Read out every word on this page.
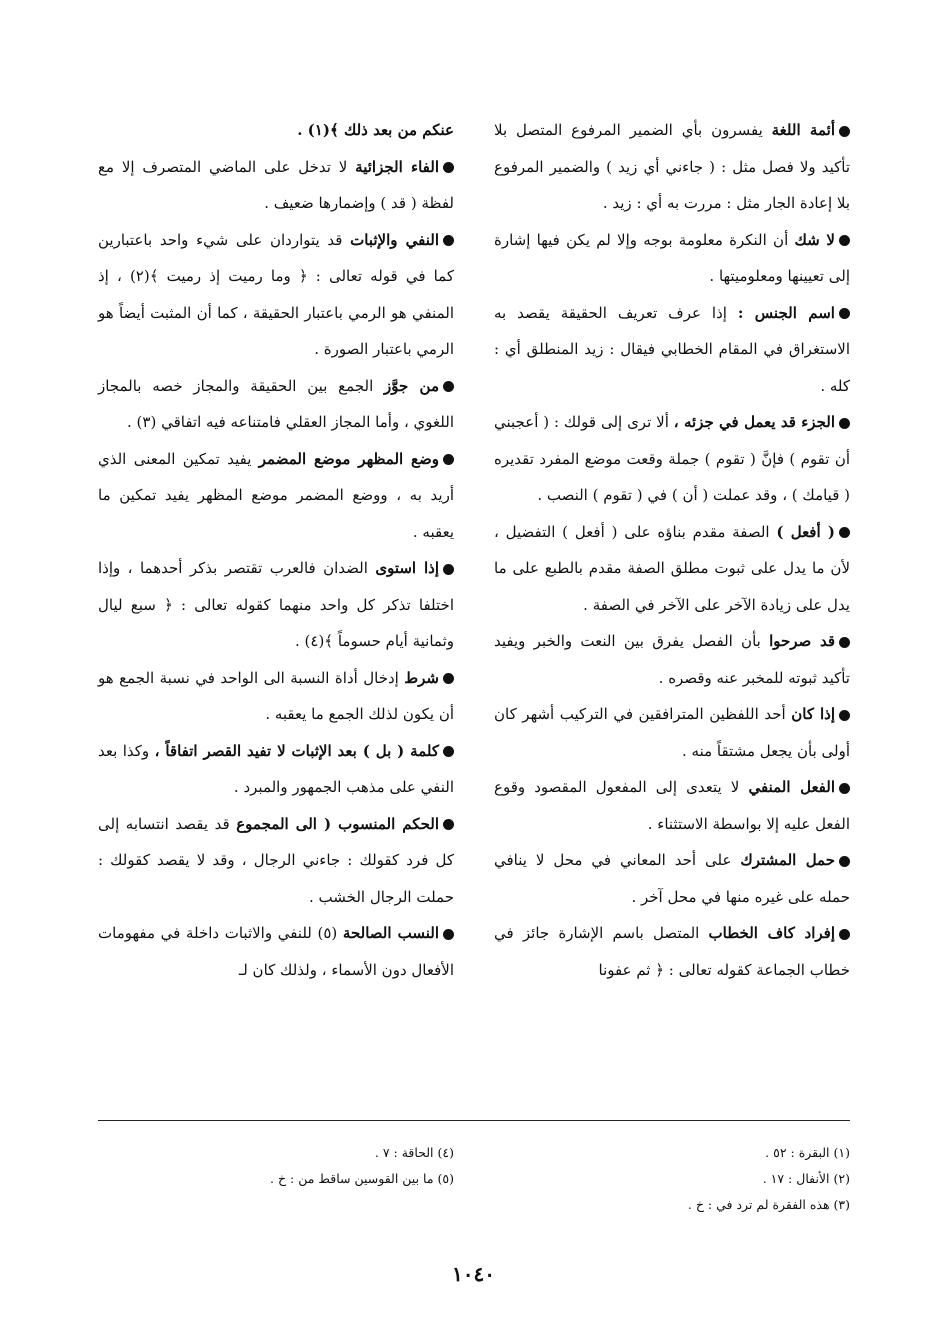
أئمة اللغة يفسرون بأي الضمير المرفوع المتصل بلا تأكيد ولا فصل مثل : ( جاءني أي زيد ) والضمير المرفوع بلا إعادة الجار مثل : مررت به أي : زيد .

لا شك أن النكرة معلومة بوجه وإلا لم يكن فيها إشارة إلى تعيينها ومعلوميتها .

اسم الجنس : إذا عرف تعريف الحقيقة يقصد به الاستغراق في المقام الخطابي فيقال : زيد المنطلق أي : كله .

الجزء قد يعمل في جزئه ، ألا ترى إلى قولك : ( أعجبني أن تقوم ) فإنَّ ( تقوم ) جملة وقعت موضع المفرد تقديره ( قيامك ) ، وقد عملت ( أن ) في ( تقوم ) النصب .

( أفعل ) الصفة مقدم بناؤه على ( أفعل ) التفضيل ، لأن ما يدل على ثبوت مطلق الصفة مقدم بالطبع على ما يدل على زيادة الآخر على الآخر في الصفة .

قد صرحوا بأن الفصل يفرق بين النعت والخبر ويفيد تأكيد ثبوته للمخبر عنه وقصره .

إذا كان أحد اللفظين المترافقين في التركيب أشهر كان أولى بأن يجعل مشتقاً منه .

الفعل المنفي لا يتعدى إلى المفعول المقصود وقوع الفعل عليه إلا بواسطة الاستثناء .

حمل المشترك على أحد المعاني في محل لا ينافي حمله على غيره منها في محل آخر .

إفراد كاف الخطاب المتصل باسم الإشارة جائز في خطاب الجماعة كقوله تعالى : ﴿ ثم عفونا

عنكم من بعد ذلك ﴾(١) .

الفاء الجزائية لا تدخل على الماضي المتصرف إلا مع لفظة ( قد ) وإضمارها ضعيف .

النفي والإثبات قد يتواردان على شيء واحد باعتبارين كما في قوله تعالى : ﴿ وما رميت إذ رميت ﴾(٢) ، إذ المنفي هو الرمي باعتبار الحقيقة ، كما أن المثبت أيضاً هو الرمي باعتبار الصورة .

من جوَّز الجمع بين الحقيقة والمجاز خصه بالمجاز اللغوي ، وأما المجاز العقلي فامتناعه فيه اتفاقي (٣) .

وضع المظهر موضع المضمر يفيد تمكين المعنى الذي أريد به ، ووضع المضمر موضع المظهر يفيد تمكين ما يعقبه .

إذا استوى الضدان فالعرب تقتصر بذكر أحدهما ، وإذا اختلفا تذكر كل واحد منهما كقوله تعالى : ﴿ سبع ليال وثمانية أيام حسوماً ﴾(٤) .

شرط إدخال أداة النسبة الى الواحد في نسبة الجمع هو أن يكون لذلك الجمع ما يعقبه .

كلمة ( بل ) بعد الإثبات لا تفيد القصر اتفاقاً ، وكذا بعد النفي على مذهب الجمهور والمبرد .

الحكم المنسوب ( الى المجموع قد يقصد انتسابه إلى كل فرد كقولك : جاءني الرجال ، وقد لا يقصد كقولك : حملت الرجال الخشب .

النسب الصالحة (٥) للنفي والاثبات داخلة في مفهومات الأفعال دون الأسماء ، ولذلك كان لـ

(١) البقرة : ٥٢ .
(٢) الأنفال : ١٧ .
(٣) هذه الفقرة لم ترد في : خ .
(٤) الحاقة : ٧ .
(٥) ما بين القوسين ساقط من : خ .
١٠٤٠
